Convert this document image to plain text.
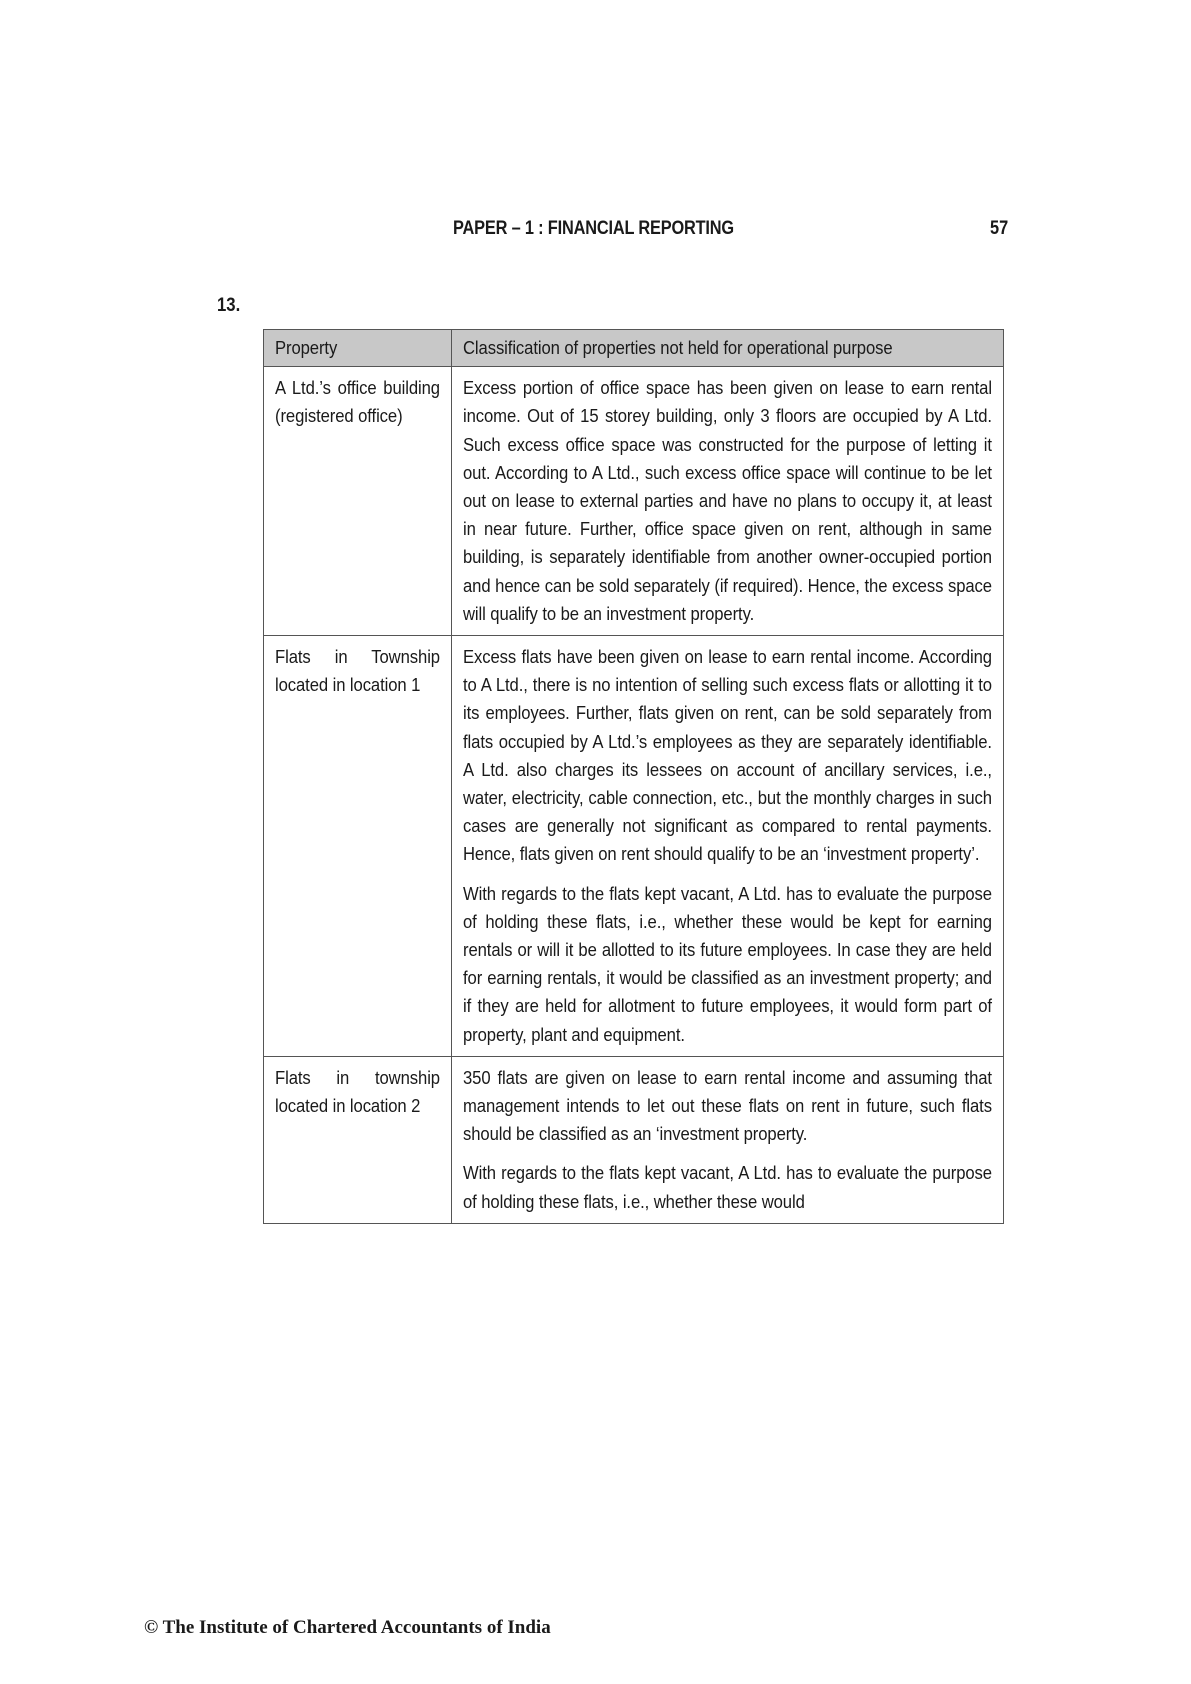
PAPER – 1 : FINANCIAL REPORTING	57
13.
Property	Classification of properties not held for operational purpose

A Ltd.’s office building (registered office)	Excess portion of office space has been given on lease to earn rental income. Out of 15 storey building, only 3 floors are occupied by A Ltd. Such excess office space was constructed for the purpose of letting it out. According to A Ltd., such excess office space will continue to be let out on lease to external parties and have no plans to occupy it, at least in near future. Further, office space given on rent, although in same building, is separately identifiable from another owner-occupied portion and hence can be sold separately (if required). Hence, the excess space will qualify to be an investment property.

Flats in Township located in location 1	Excess flats have been given on lease to earn rental income. According to A Ltd., there is no intention of selling such excess flats or allotting it to its employees. Further, flats given on rent, can be sold separately from flats occupied by A Ltd.’s employees as they are separately identifiable. A Ltd. also charges its lessees on account of ancillary services, i.e., water, electricity, cable connection, etc., but the monthly charges in such cases are generally not significant as compared to rental payments. Hence, flats given on rent should qualify to be an ‘investment property’.

With regards to the flats kept vacant, A Ltd. has to evaluate the purpose of holding these flats, i.e., whether these would be kept for earning rentals or will it be allotted to its future employees. In case they are held for earning rentals, it would be classified as an investment property; and if they are held for allotment to future employees, it would form part of property, plant and equipment.

Flats in township located in location 2	350 flats are given on lease to earn rental income and assuming that management intends to let out these flats on rent in future, such flats should be classified as an ‘investment property.

With regards to the flats kept vacant, A Ltd. has to evaluate the purpose of holding these flats, i.e., whether these would

© The Institute of Chartered Accountants of India
